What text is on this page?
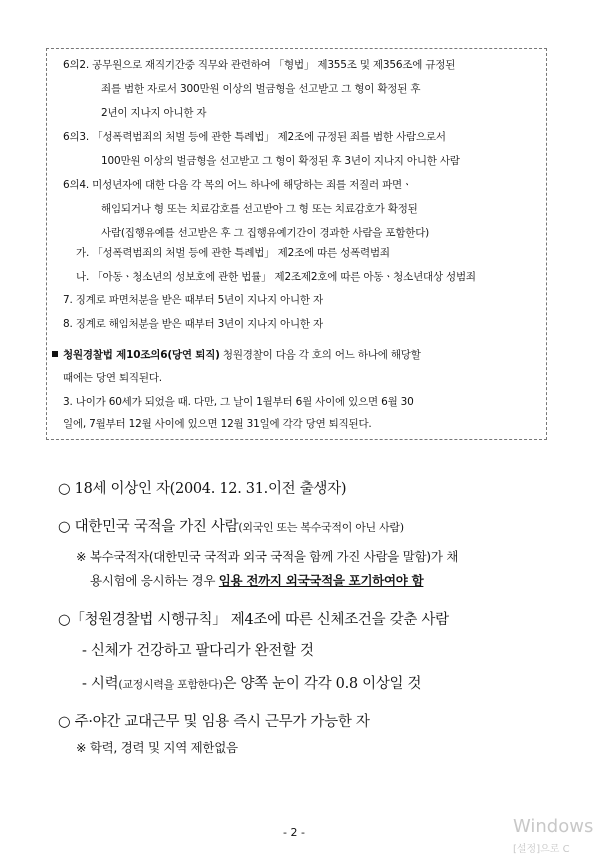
6의2. 공무원으로 재직기간중 직무와 관련하여 「형법」 제355조 및 제356조에 규정된
죄를 범한 자로서 300만원 이상의 벌금형을 선고받고 그 형이 확정된 후
2년이 지나지 아니한 자
6의3. 「성폭력범죄의 처벌 등에 관한 특례법」 제2조에 규정된 죄를 범한 사람으로서
100만원 이상의 벌금형을 선고받고 그 형이 확정된 후 3년이 지나지 아니한 사람
6의4. 미성년자에 대한 다음 각 목의 어느 하나에 해당하는 죄를 저질러 파면ㆍ
해임되거나 형 또는 치료감호를 선고받아 그 형 또는 치료감호가 확정된
사람(집행유예를 선고받은 후 그 집행유예기간이 경과한 사람을 포함한다)
가. 「성폭력범죄의 처벌 등에 관한 특례법」 제2조에 따른 성폭력범죄
나. 「아동ㆍ청소년의 성보호에 관한 법률」 제2조제2호에 따른 아동ㆍ청소년대상 성범죄
7. 징계로 파면처분을 받은 때부터 5년이 지나지 아니한 자
8. 징계로 해임처분을 받은 때부터 3년이 지나지 아니한 자
청원경찰법 제10조의6(당연 퇴직) 청원경찰이 다음 각 호의 어느 하나에 해당할
때에는 당연 퇴직된다.
3. 나이가 60세가 되었을 때. 다만, 그 날이 1월부터 6월 사이에 있으면 6월 30
일에, 7월부터 12월 사이에 있으면 12월 31일에 각각 당연 퇴직된다.
○ 18세 이상인 자(2004. 12. 31.이전 출생자)
○ 대한민국 국적을 가진 사람(외국인 또는 복수국적이 아닌 사람)
※ 복수국적자(대한민국 국적과 외국 국적을 함께 가진 사람을 말함)가 채
용시험에 응시하는 경우 임용 전까지 외국국적을 포기하여야 함
○「청원경찰법 시행규칙」 제4조에 따른 신체조건을 갖춘 사람
- 신체가 건강하고 팔다리가 완전할 것
- 시력(교정시력을 포함한다)은 양쪽 눈이 각각 0.8 이상일 것
○ 주·야간 교대근무 및 임용 즉시 근무가 가능한 자
※ 학력, 경력 및 지역 제한없음
- 2 -	Windows
[설정]으로 C
